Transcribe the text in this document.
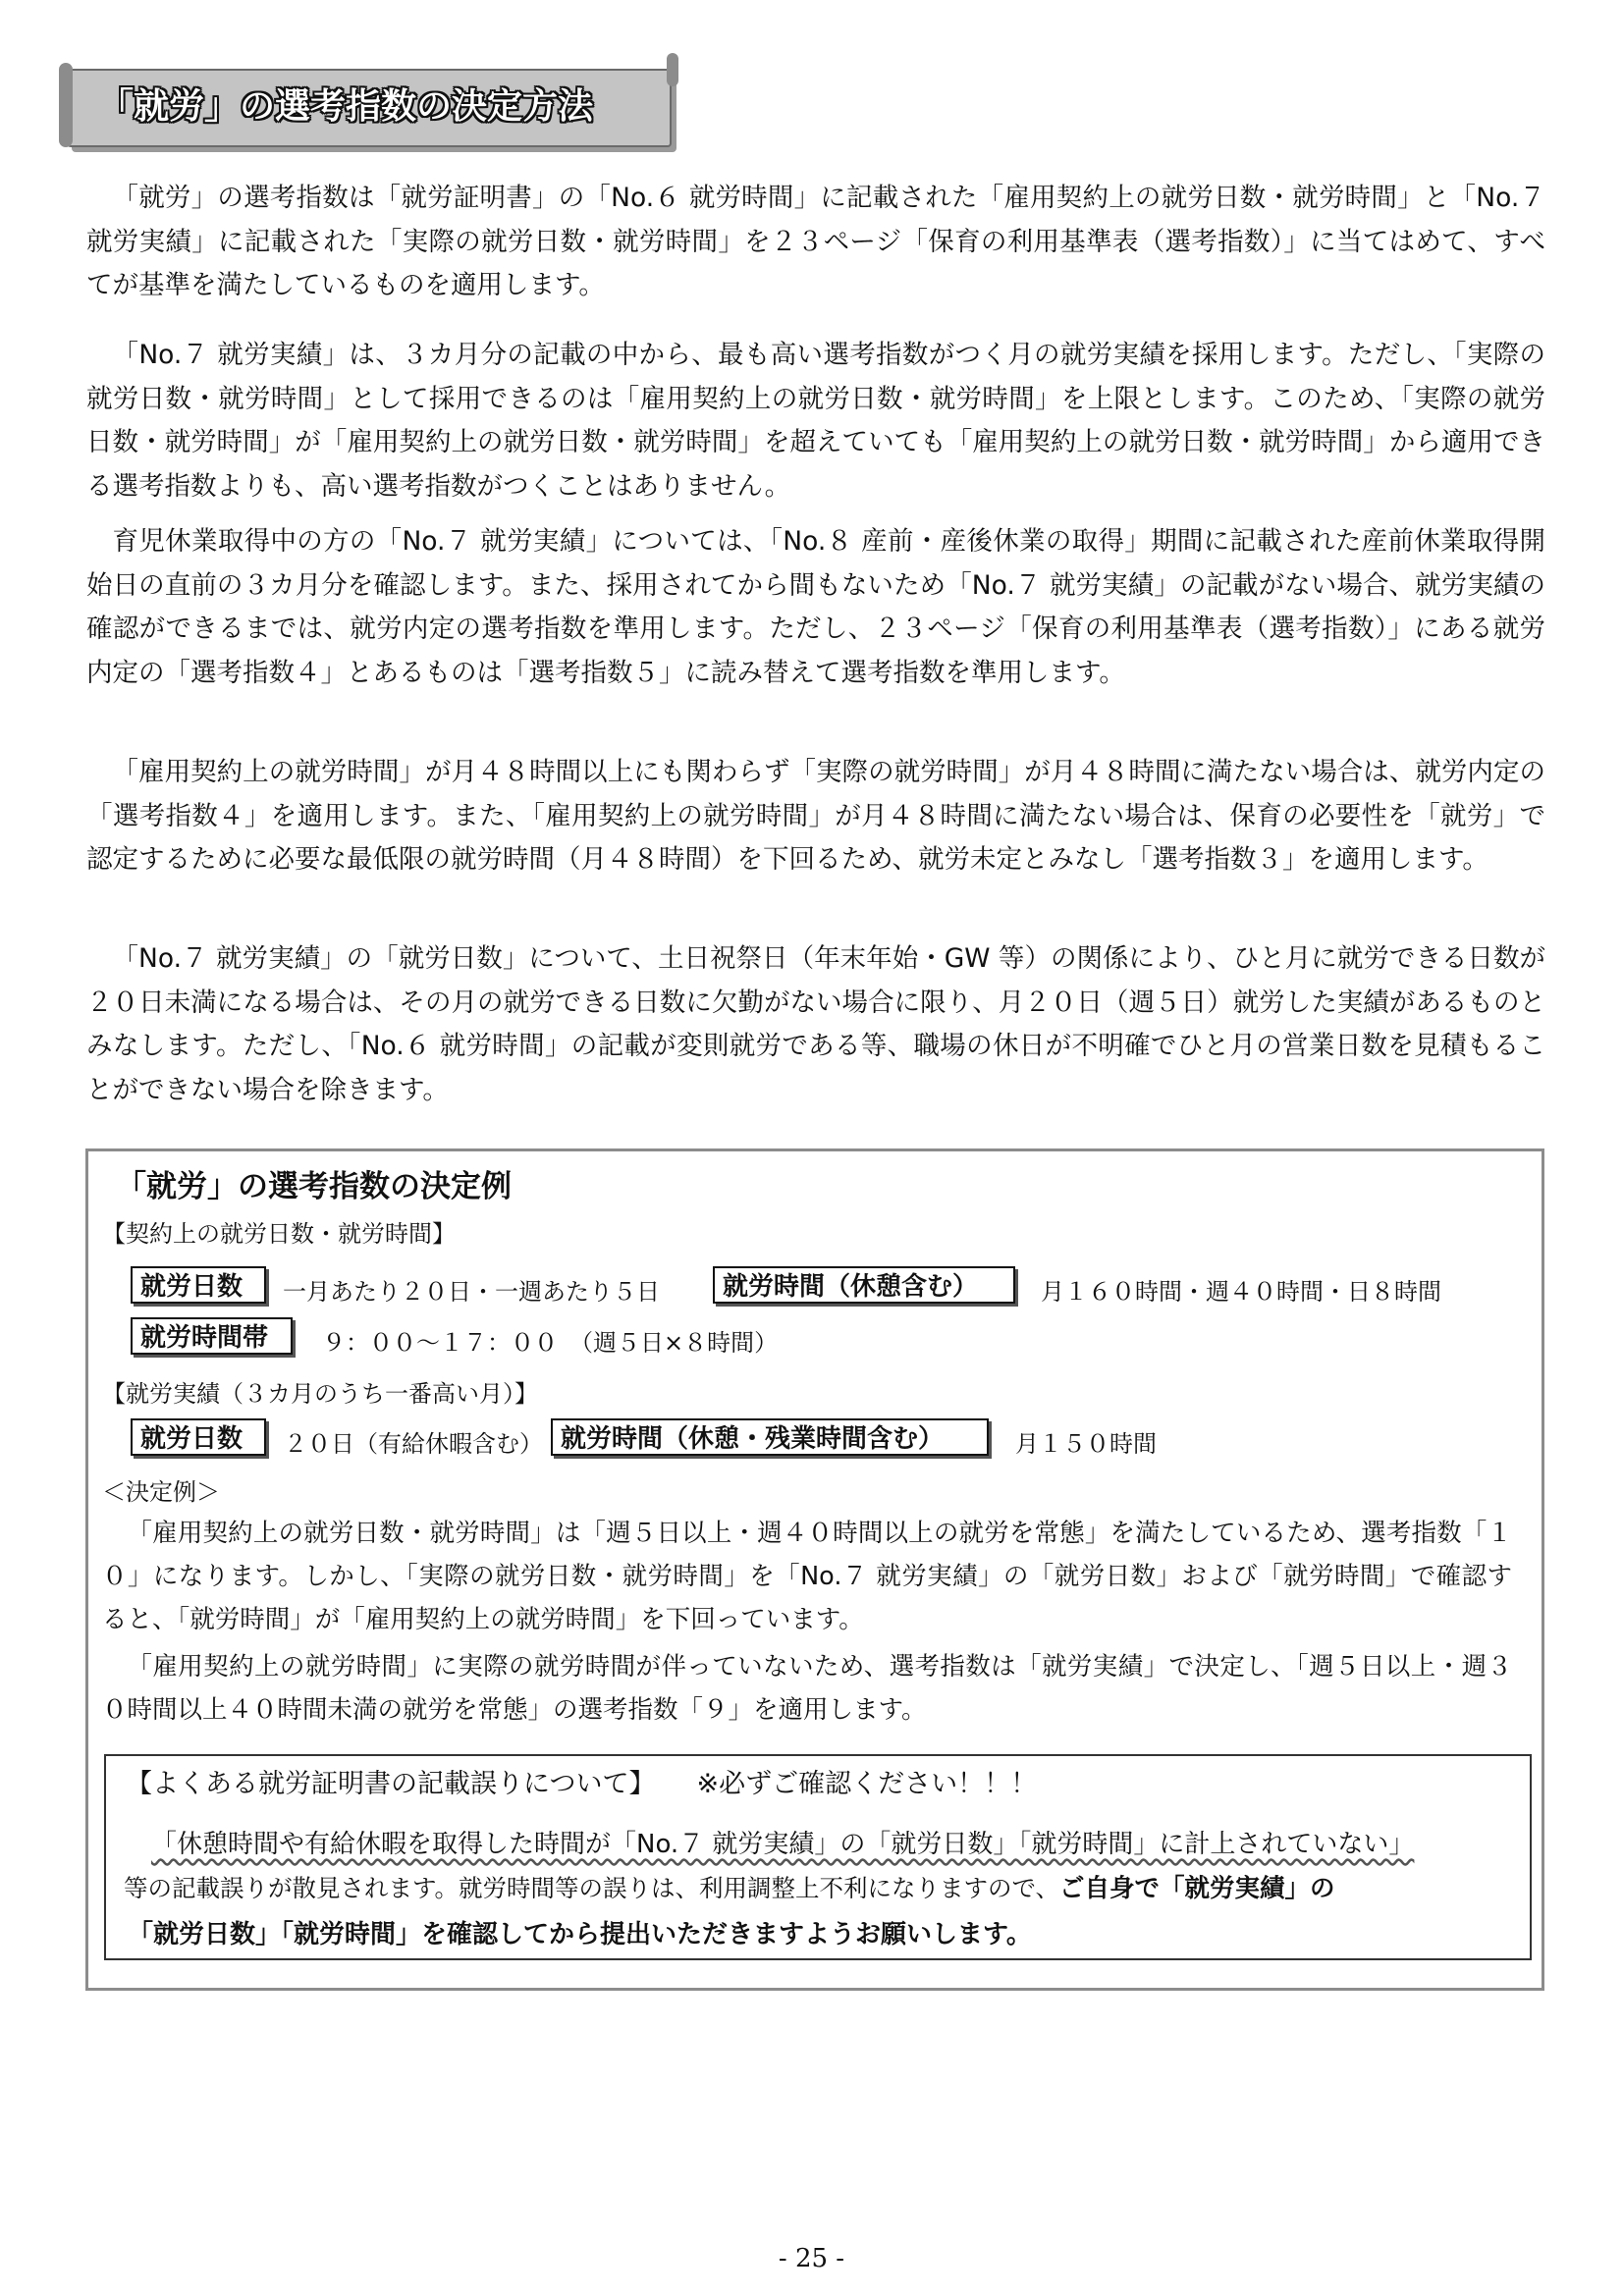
「就労」の選考指数の決定方法

「就労」の選考指数は「就労証明書」の「No.６ 就労時間」に記載された「雇用契約上の就労日数・就労時間」と「No.７ 就労実績」に記載された「実際の就労日数・就労時間」を２３ページ「保育の利用基準表（選考指数）」に当てはめて、すべてが基準を満たしているものを適用します。

「No.７ 就労実績」は、３カ月分の記載の中から、最も高い選考指数がつく月の就労実績を採用します。ただし、「実際の就労日数・就労時間」として採用できるのは「雇用契約上の就労日数・就労時間」を上限とします。このため、「実際の就労日数・就労時間」が「雇用契約上の就労日数・就労時間」を超えていても「雇用契約上の就労日数・就労時間」から適用できる選考指数よりも、高い選考指数がつくことはありません。

育児休業取得中の方の「No.７ 就労実績」については、「No.８ 産前・産後休業の取得」期間に記載された産前休業取得開始日の直前の３カ月分を確認します。また、採用されてから間もないため「No.７ 就労実績」の記載がない場合、就労実績の確認ができるまでは、就労内定の選考指数を準用します。ただし、２３ページ「保育の利用基準表（選考指数）」にある就労内定の「選考指数４」とあるものは「選考指数５」に読み替えて選考指数を準用します。

「雇用契約上の就労時間」が月４８時間以上にも関わらず「実際の就労時間」が月４８時間に満たない場合は、就労内定の「選考指数４」を適用します。また、「雇用契約上の就労時間」が月４８時間に満たない場合は、保育の必要性を「就労」で認定するために必要な最低限の就労時間（月４８時間）を下回るため、就労未定とみなし「選考指数３」を適用します。

「No.７ 就労実績」の「就労日数」について、土日祝祭日（年末年始・GW 等）の関係により、ひと月に就労できる日数が２０日未満になる場合は、その月の就労できる日数に欠勤がない場合に限り、月２０日（週５日）就労した実績があるものとみなします。ただし、「No.６ 就労時間」の記載が変則就労である等、職場の休日が不明確でひと月の営業日数を見積もることができない場合を除きます。

「就労」の選考指数の決定例

【契約上の就労日数・就労時間】

就労日数	一月あたり２０日・一週あたり５日	就労時間（休憩含む）	月１６０時間・週４０時間・日８時間

就労時間帯	９：００～１７：００　（週５日×８時間）

【就労実績（３カ月のうち一番高い月）】

就労日数	２０日（有給休暇含む） 就労時間（休憩・残業時間含む）	月１５０時間

＜決定例＞

「雇用契約上の就労日数・就労時間」は「週５日以上・週４０時間以上の就労を常態」を満たしているため、選考指数「１０」になります。しかし、「実際の就労日数・就労時間」を「No.７ 就労実績」の「就労日数」および「就労時間」で確認すると、「就労時間」が「雇用契約上の就労時間」を下回っています。

「雇用契約上の就労時間」に実際の就労時間が伴っていないため、選考指数は「就労実績」で決定し、「週５日以上・週３０時間以上４０時間未満の就労を常態」の選考指数「９」を適用します。

【よくある就労証明書の記載誤りについて】 ※必ずご確認ください！！！

「休憩時間や有給休暇を取得した時間が「No.７ 就労実績」の「就労日数」「就労時間」に計上されていない」

等の記載誤りが散見されます。就労時間等の誤りは、利用調整上不利になりますので、ご自身で「就労実績」の

「就労日数」「就労時間」を確認してから提出いただきますようお願いします。

- 25 -
